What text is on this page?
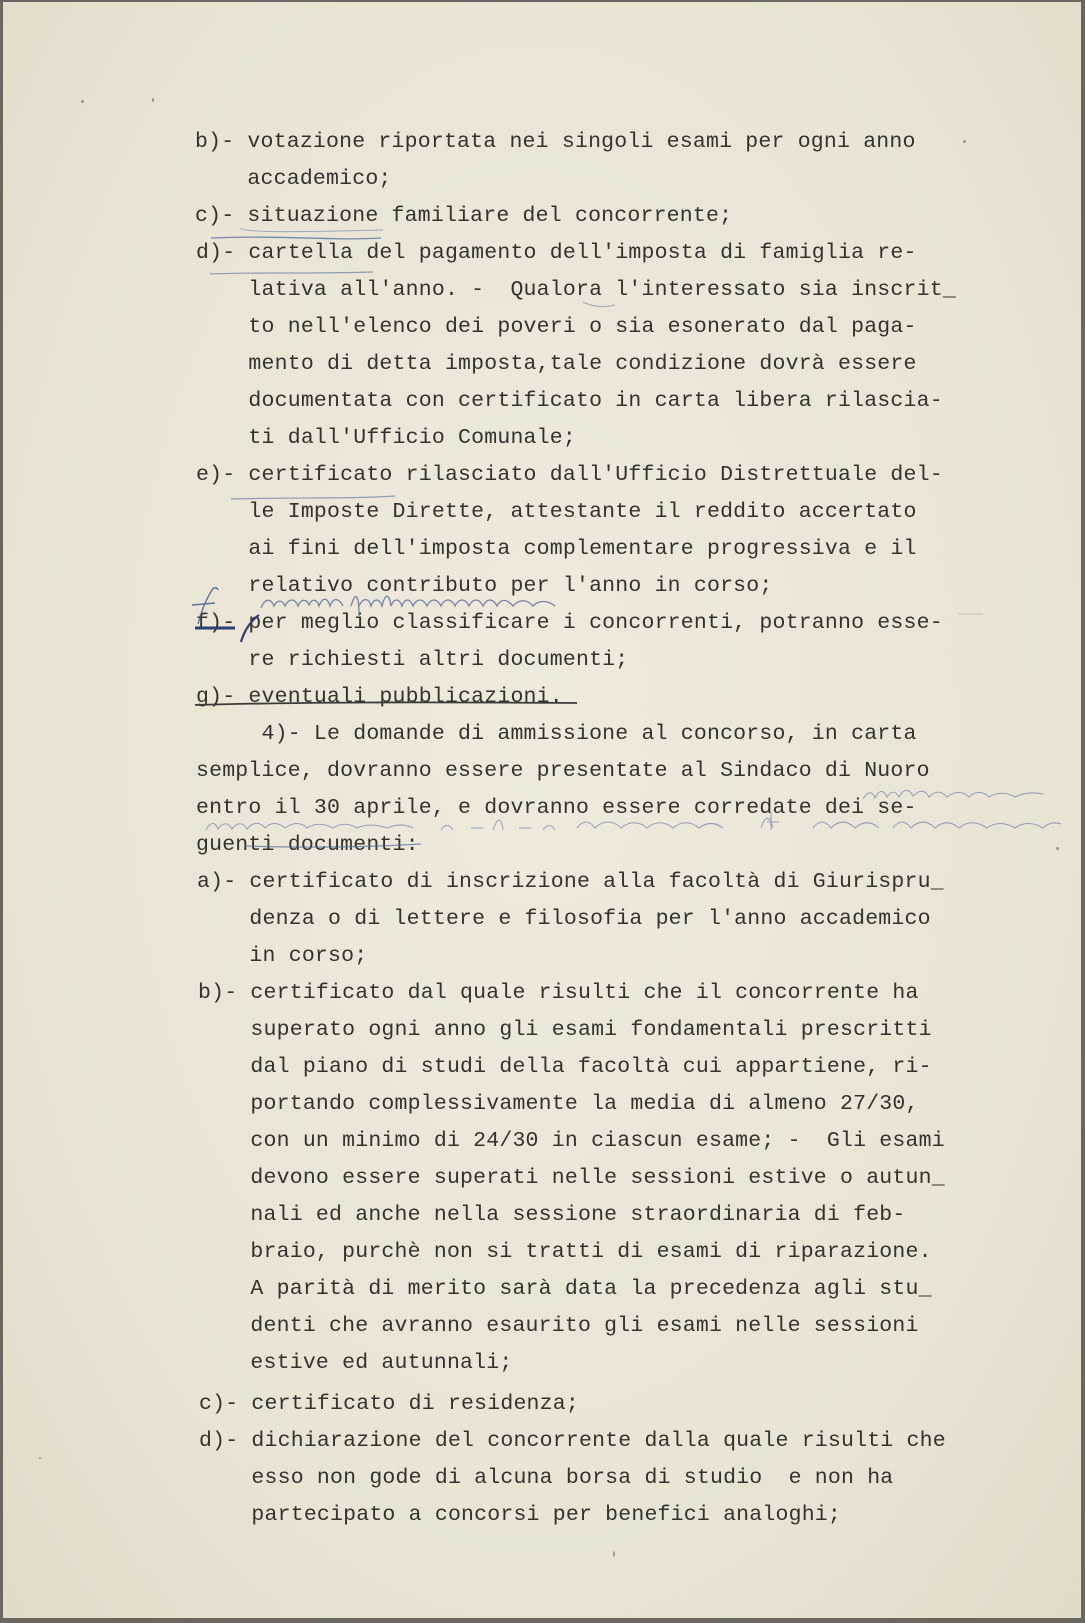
b)- votazione riportata nei singoli esami per ogni anno
accademico;
c)- situazione familiare del concorrente;
d)- cartella del pagamento dell'imposta di famiglia re-
lativa all'anno. -  Qualora l'interessato sia inscrit_
to nell'elenco dei poveri o sia esonerato dal paga-
mento di detta imposta,tale condizione dovrà essere
documentata con certificato in carta libera rilascia-
ti dall'Ufficio Comunale;
e)- certificato rilasciato dall'Ufficio Distrettuale del-
le Imposte Dirette, attestante il reddito accertato
ai fini dell'imposta complementare progressiva e il
relativo contributo per l'anno in corso;
f)- per meglio classificare i concorrenti, potranno esse-
re richiesti altri documenti;
g)- eventuali pubblicazioni.
4)- Le domande di ammissione al concorso, in carta
semplice, dovranno essere presentate al Sindaco di Nuoro
entro il 30 aprile, e dovranno essere corredate dei se-
guenti documenti:
a)- certificato di inscrizione alla facoltà di Giurispru_
denza o di lettere e filosofia per l'anno accademico
in corso;
b)- certificato dal quale risulti che il concorrente ha
superato ogni anno gli esami fondamentali prescritti
dal piano di studi della facoltà cui appartiene, ri-
portando complessivamente la media di almeno 27/30,
con un minimo di 24/30 in ciascun esame; -  Gli esami
devono essere superati nelle sessioni estive o autun_
nali ed anche nella sessione straordinaria di feb-
braio, purchè non si tratti di esami di riparazione.
A parità di merito sarà data la precedenza agli stu_
denti che avranno esaurito gli esami nelle sessioni
estive ed autunnali;
c)- certificato di residenza;
d)- dichiarazione del concorrente dalla quale risulti che
esso non gode di alcuna borsa di studio  e non ha
partecipato a concorsi per benefici analoghi;
